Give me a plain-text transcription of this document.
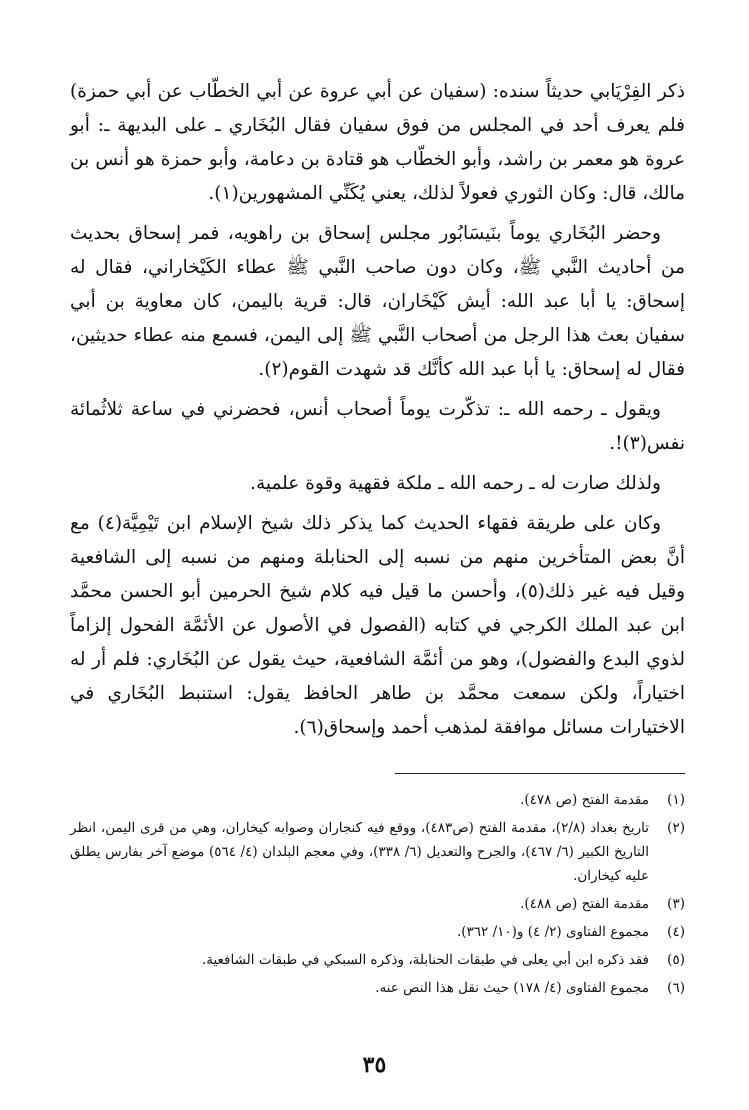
ذكر الفِرْيَابي حديثاً سنده: (سفيان عن أبي عروة عن أبي الخطّاب عن أبي حمزة) فلم يعرف أحد في المجلس من فوق سفيان فقال البُخَاري ـ على البديهة ـ: أبو عروة هو معمر بن راشد، وأبو الخطّاب هو قتادة بن دعامة، وأبو حمزة هو أنس بن مالك، قال: وكان الثوري فعولاً لذلك، يعني يُكَنِّي المشهورين(١).

وحضر البُخَاري يوماً بنَيسَابُور مجلس إسحاق بن راهويه، فمر إسحاق بحديث من أحاديث النَّبي ﷺ، وكان دون صاحب النَّبي ﷺ عطاء الكَيْخاراني، فقال له إسحاق: يا أبا عبد الله: أيش كَيْخَاران، قال: قرية باليمن، كان معاوية بن أبي سفيان بعث هذا الرجل من أصحاب النَّبي ﷺ إلى اليمن، فسمع منه عطاء حديثين، فقال له إسحاق: يا أبا عبد الله كأنَّك قد شهدت القوم(٢).

ويقول ـ رحمه الله ـ: تذكّرت يوماً أصحاب أنس، فحضرني في ساعة ثلاثُمائة نفس(٣)!.

ولذلك صارت له ـ رحمه الله ـ ملكة فقهية وقوة علمية.

وكان على طريقة فقهاء الحديث كما يذكر ذلك شيخ الإسلام ابن تَيْمِيَّة(٤) مع أنَّ بعض المتأخرين منهم من نسبه إلى الحنابلة ومنهم من نسبه إلى الشافعية وقيل فيه غير ذلك(٥)، وأحسن ما قيل فيه كلام شيخ الحرمين أبو الحسن محمَّد ابن عبد الملك الكرجي في كتابه (الفصول في الأصول عن الأئمَّة الفحول إلزاماً لذوي البدع والفضول)، وهو من أئمَّة الشافعية، حيث يقول عن البُخَاري: فلم أر له اختياراً، ولكن سمعت محمَّد بن طاهر الحافظ يقول: استنبط البُخَاري في الاختيارات مسائل موافقة لمذهب أحمد وإسحاق(٦).

(١)
مقدمة الفتح (ص ٤٧٨).
(٢)
تاريخ بغداد (٢/٨)، مقدمة الفتح (ص٤٨٣)، ووقع فيه كنجاران وصوابه كيخاران، وهي من قرى اليمن، انظر التاريخ الكبير (٦/ ٤٦٧)، والجرح والتعديل (٦/ ٣٣٨)، وفي معجم البلدان (٤/ ٥٦٤) موضع آخر بفارس يطلق عليه كيخاران.
(٣)
مقدمة الفتح (ص ٤٨٨).
(٤)
مجموع الفتاوى (٢/ ٤) و(١٠/ ٣٦٢).
(٥)
فقد ذكره ابن أبي يعلى في طبقات الحنابلة، وذكره السبكي في طبقات الشافعية.
(٦)
مجموع الفتاوى (٤/ ١٧٨) حيث نقل هذا النص عنه.
٣٥
